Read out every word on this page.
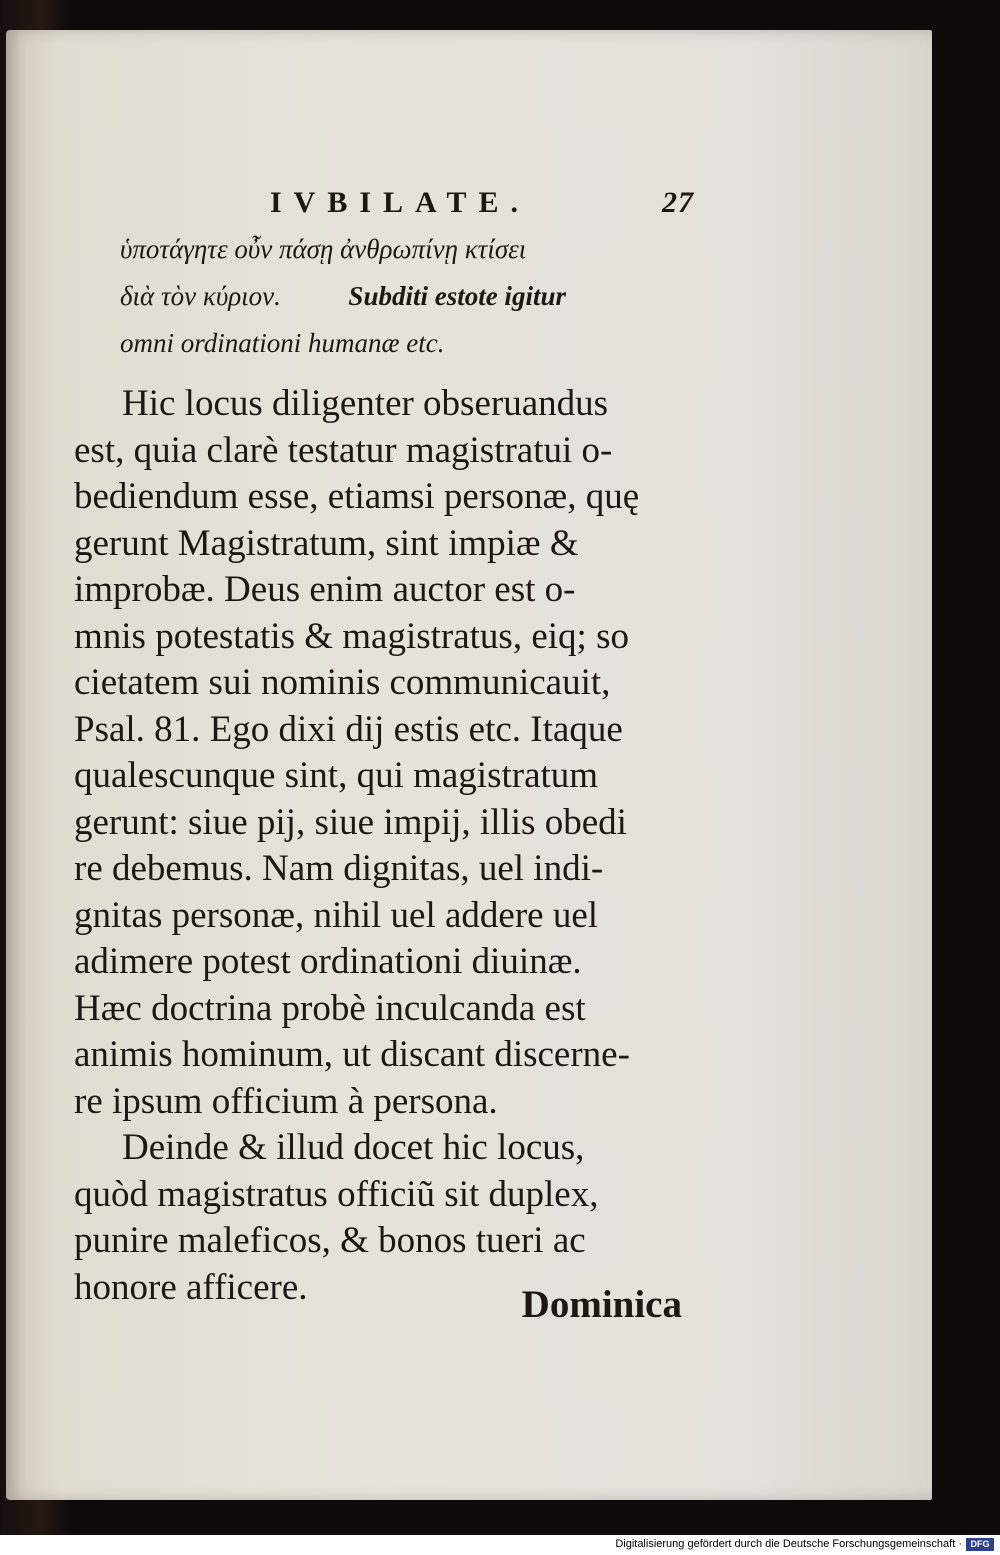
IVBILATE.	27
ὑποτάγητε οὖν πάσῃ ἀνθρωπίνῃ κτίσει
διὰ τὸν κύριον.	Subditi estote igitur
omni ordinationi humanæ etc.
Hic locus diligenter obseruandus
est, quia clarè testatur magistratui o-
bediendum esse, etiamsi personæ, quę
gerunt Magistratum, sint impiæ &
improbæ. Deus enim auctor est o-
mnis potestatis & magistratus, eiq; so
cietatem sui nominis communicauit,
Psal. 81. Ego dixi dij estis etc. Itaque
qualescunque sint, qui magistratum
gerunt: siue pij, siue impij, illis obedi
re debemus. Nam dignitas, uel indi-
gnitas personæ, nihil uel addere uel
adimere potest ordinationi diuinæ.
Hæc doctrina probè inculcanda est
animis hominum, ut discant discerne-
re ipsum officium à persona.
Deinde & illud docet hic locus,
quòd magistratus officiũ sit duplex,
punire maleficos, & bonos tueri ac
honore afficere.	Dominica
Digitalisierung gefördert durch die Deutsche Forschungsgemeinschaft · DFG
